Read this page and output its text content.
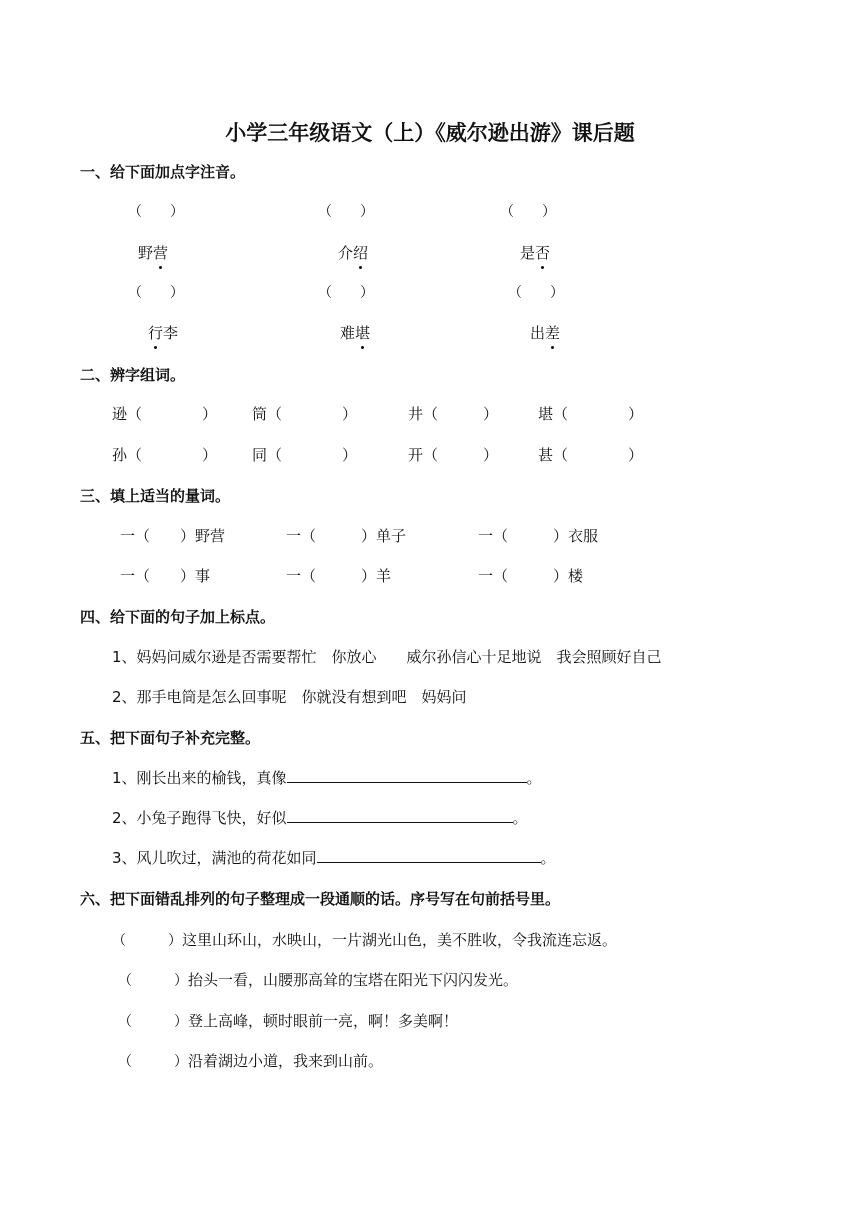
小学三年级语文（上）《威尔逊出游》课后题
一、给下面加点字注音。
（　　）	（　　）	（　　）
野营	介绍	是否
（　　）	（　　）	（　　）
行李	难堪	出差
二、辨字组词。
逊（　　　　） 筒（　　　　）	井（　　　）	堪（　　　　）
孙（　　　　） 同（　　　　）	开（　　　）	甚（　　　　）
三、填上适当的量词。
一（　　）野营	一（　　　）单子	一（　　　）衣服
一（　　）事	一（　　　）羊	一（　　　）楼
四、给下面的句子加上标点。
1、妈妈问威尔逊是否需要帮忙　你放心　　威尔孙信心十足地说　我会照顾好自己
2、那手电筒是怎么回事呢　你就没有想到吧　妈妈问
五、把下面句子补充完整。
1、刚长出来的榆钱，真像	。
2、小兔子跑得飞快，好似	。
3、风儿吹过，满池的荷花如同	。
六、把下面错乱排列的句子整理成一段通顺的话。序号写在句前括号里。
（　　　）这里山环山，水映山，一片湖光山色，美不胜收，令我流连忘返。
（　　　）抬头一看，山腰那高耸的宝塔在阳光下闪闪发光。
（　　　）登上高峰，顿时眼前一亮，啊！多美啊！
（　　　）沿着湖边小道，我来到山前。
